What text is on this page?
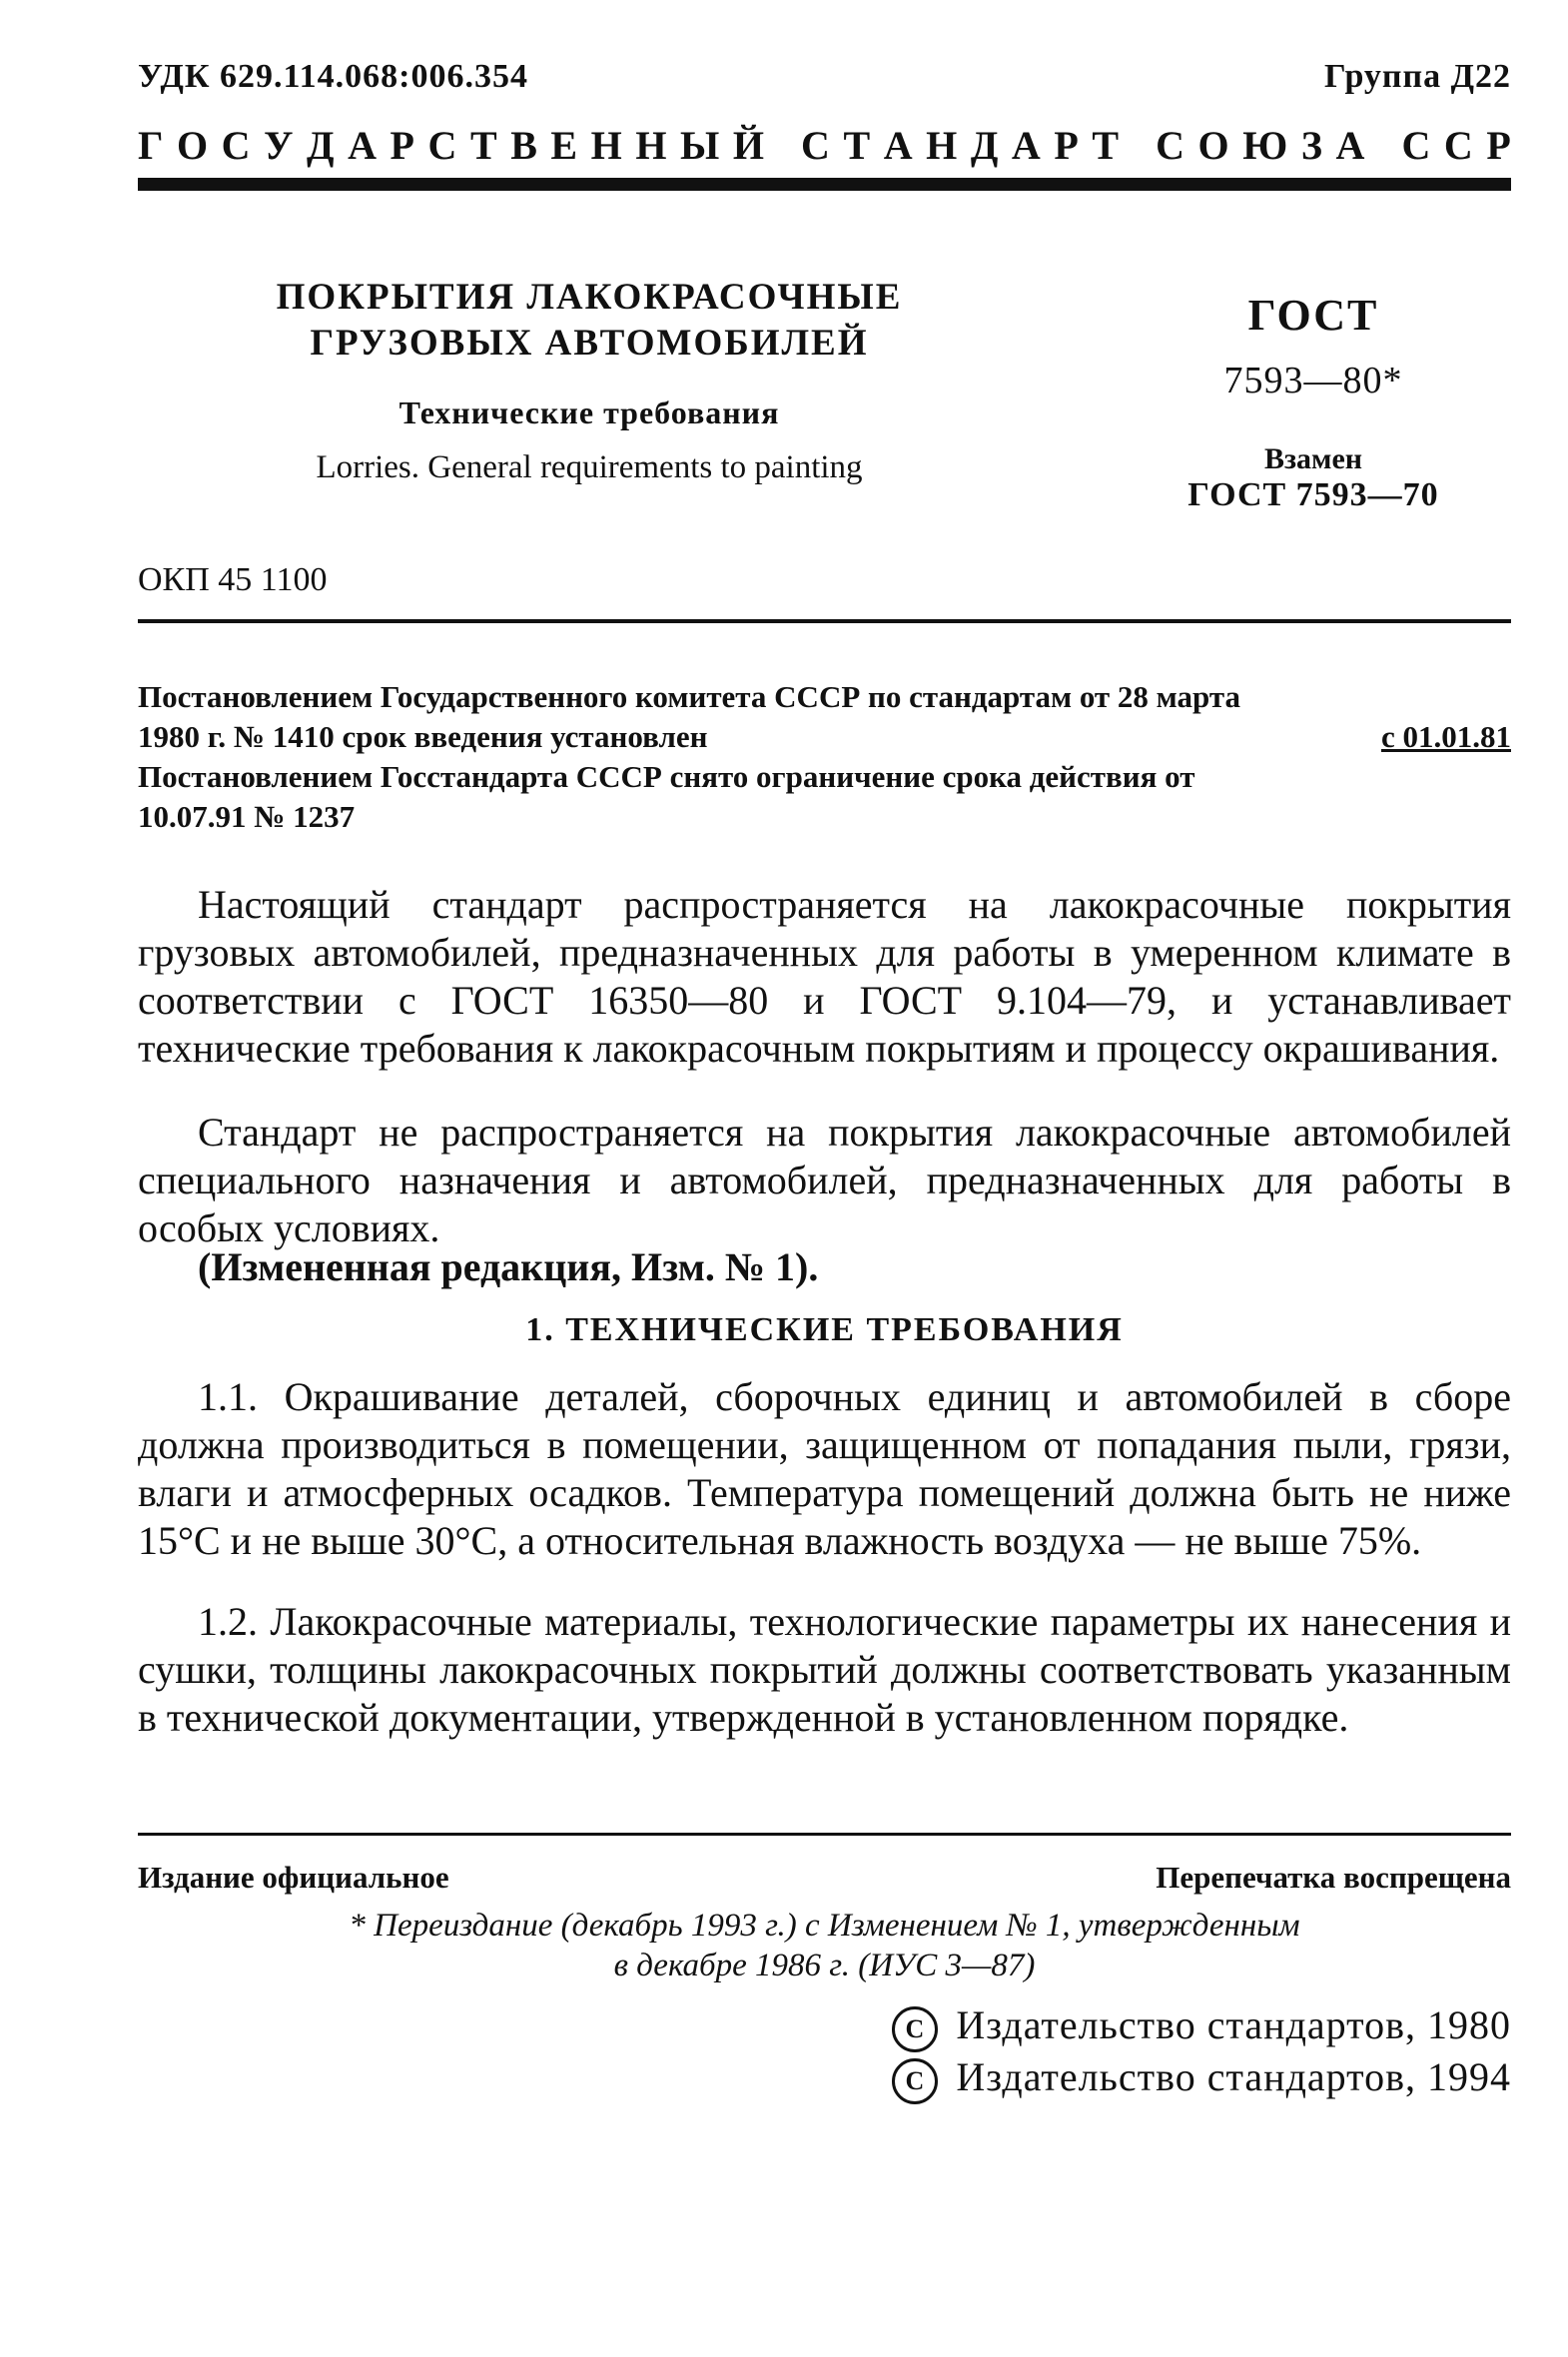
УДК 629.114.068:006.354	Группа Д22
Г О С У Д А Р С Т В Е Н Н Ы Й
С Т А Н Д А Р Т
С О Ю З А
С С Р
ПОКРЫТИЯ ЛАКОКРАСОЧНЫЕ
ГРУЗОВЫХ АВТОМОБИЛЕЙ
Технические требования
Lorries. General requirements to painting
ГОСТ
7593—80*
Взамен
ГОСТ 7593—70
ОКП 45 1100
Постановлением Государственного комитета СССР по стандартам от 28 марта
1980 г. № 1410 срок введения установлен	с 01.01.81
Постановлением Госстандарта СССР снято ограничение срока действия от
10.07.91 № 1237
Настоящий стандарт распространяется на лакокрасочные покрытия грузовых автомобилей, предназначенных для работы в умеренном климате в соответствии с ГОСТ 16350—80 и ГОСТ 9.104—79, и устанавливает технические требования к лакокрасочным покрытиям и процессу окрашивания.
Стандарт не распространяется на покрытия лакокрасочные автомобилей специального назначения и автомобилей, предназначенных для работы в особых условиях.
(Измененная редакция, Изм. № 1).
1. ТЕХНИЧЕСКИЕ ТРЕБОВАНИЯ
1.1. Окрашивание деталей, сборочных единиц и автомобилей в сборе должна производиться в помещении, защищенном от попадания пыли, грязи, влаги и атмосферных осадков. Температура помещений должна быть не ниже 15°С и не выше 30°С, а относительная влажность воздуха — не выше 75%.
1.2. Лакокрасочные материалы, технологические параметры их нанесения и сушки, толщины лакокрасочных покрытий должны соответствовать указанным в технической документации, утвержденной в установленном порядке.
Издание официальное	Перепечатка воспрещена
* Переиздание (декабрь 1993 г.) с Изменением № 1, утвержденным
в декабре 1986 г. (ИУС 3—87)
C Издательство стандартов, 1980
C Издательство стандартов, 1994
